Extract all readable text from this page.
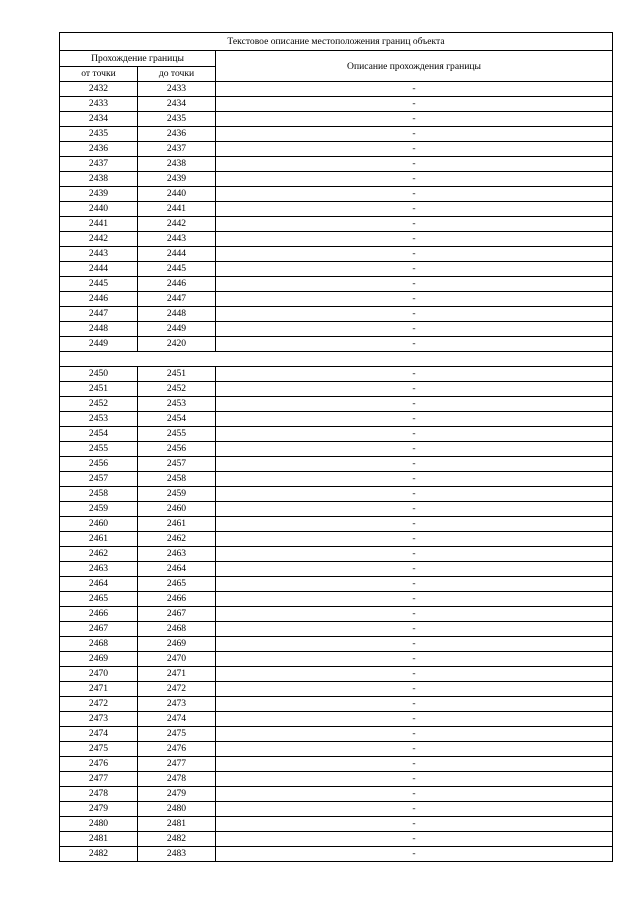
Текстовое описание местоположения границ объекта		
Прохождение границы		Описание прохождения границы
от точки	до точки	
2432	2433	-
2433	2434	-
2434	2435	-
2435	2436	-
2436	2437	-
2437	2438	-
2438	2439	-
2439	2440	-
2440	2441	-
2441	2442	-
2442	2443	-
2443	2444	-
2444	2445	-
2445	2446	-
2446	2447	-
2447	2448	-
2448	2449	-
2449	2420	-

2450	2451	-
2451	2452	-
2452	2453	-
2453	2454	-
2454	2455	-
2455	2456	-
2456	2457	-
2457	2458	-
2458	2459	-
2459	2460	-
2460	2461	-
2461	2462	-
2462	2463	-
2463	2464	-
2464	2465	-
2465	2466	-
2466	2467	-
2467	2468	-
2468	2469	-
2469	2470	-
2470	2471	-
2471	2472	-
2472	2473	-
2473	2474	-
2474	2475	-
2475	2476	-
2476	2477	-
2477	2478	-
2478	2479	-
2479	2480	-
2480	2481	-
2481	2482	-
2482	2483	-
